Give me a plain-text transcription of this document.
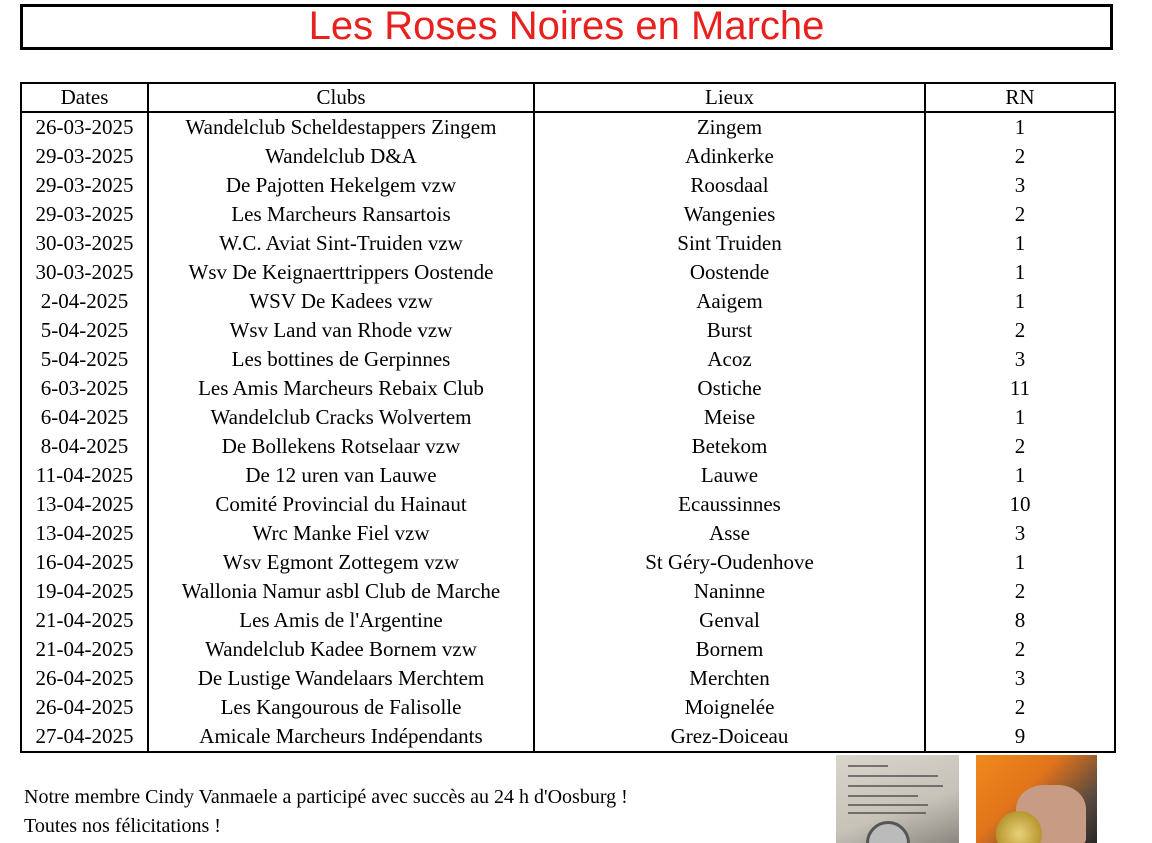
Les Roses Noires en Marche
Dates	Clubs	Lieux	RN
26-03-2025	Wandelclub Scheldestappers Zingem	Zingem	1
29-03-2025	Wandelclub D&A	Adinkerke	2
29-03-2025	De Pajotten Hekelgem vzw	Roosdaal	3
29-03-2025	Les Marcheurs Ransartois	Wangenies	2
30-03-2025	W.C. Aviat Sint-Truiden vzw	Sint Truiden	1
30-03-2025	Wsv De Keignaerttrippers Oostende	Oostende	1
2-04-2025	WSV De Kadees vzw	Aaigem	1
5-04-2025	Wsv Land van Rhode vzw	Burst	2
5-04-2025	Les bottines de Gerpinnes	Acoz	3
6-03-2025	Les Amis Marcheurs Rebaix Club	Ostiche	11
6-04-2025	Wandelclub Cracks Wolvertem	Meise	1
8-04-2025	De Bollekens Rotselaar vzw	Betekom	2
11-04-2025	De 12 uren van Lauwe	Lauwe	1
13-04-2025	Comité Provincial du Hainaut	Ecaussinnes	10
13-04-2025	Wrc Manke Fiel vzw	Asse	3
16-04-2025	Wsv Egmont Zottegem vzw	St Géry-Oudenhove	1
19-04-2025	Wallonia Namur asbl Club de Marche	Naninne	2
21-04-2025	Les Amis de l'Argentine	Genval	8
21-04-2025	Wandelclub Kadee Bornem vzw	Bornem	2
26-04-2025	De Lustige Wandelaars Merchtem	Merchten	3
26-04-2025	Les Kangourous de Falisolle	Moignelée	2
27-04-2025	Amicale Marcheurs Indépendants	Grez-Doiceau	9
Notre membre Cindy Vanmaele a participé avec succès au 24 h d'Oosburg !
Toutes nos félicitations !
